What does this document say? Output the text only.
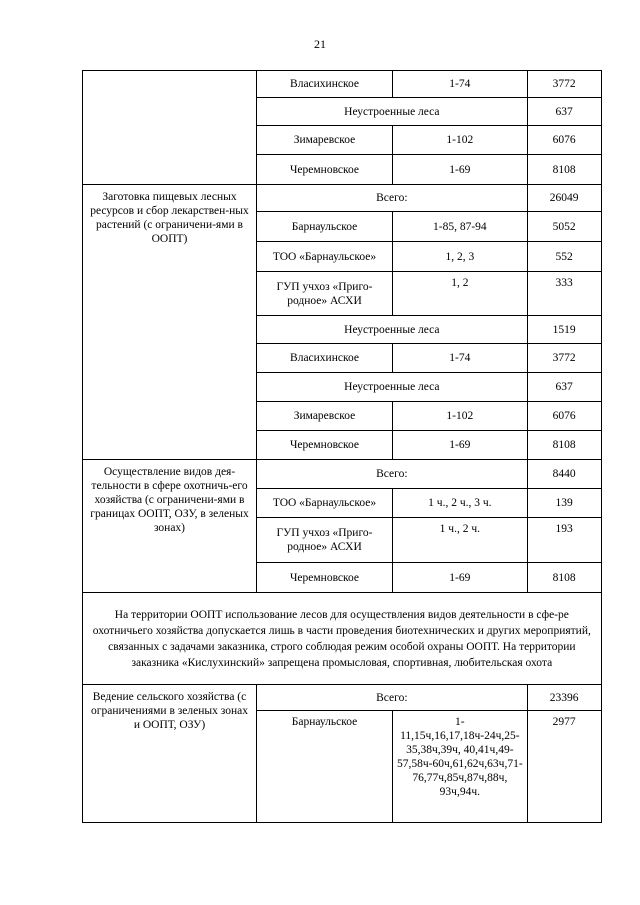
21
	Власихинское	1-74	3772
	Неустроенные леса		637
	Зимаревское	1-102	6076
	Черемновское	1-69	8108
Заготовка пищевых лесных ресурсов и сбор лекарствен-ных растений (с ограничени-ями в ООПТ)	Всего:		26049
	Барнаульское	1-85, 87-94	5052
	ТОО «Барнаульское»	1, 2, 3	552
	ГУП учхоз «Приго-родное» АСХИ	1, 2	333
	Неустроенные леса		1519
	Власихинское	1-74	3772
	Неустроенные леса		637
	Зимаревское	1-102	6076
	Черемновское	1-69	8108
Осуществление видов дея-тельности в сфере охотничь-его хозяйства (с ограничени-ями в границах ООПТ, ОЗУ, в зеленых зонах)	Всего:		8440
	ТОО «Барнаульское»	1 ч., 2 ч., 3 ч.	139
	ГУП учхоз «Приго-родное» АСХИ	1 ч., 2 ч.	193
	Черемновское	1-69	8108
На территории ООПТ использование лесов для осуществления видов деятельности в сфе-ре охотничьего хозяйства допускается лишь в части проведения биотехнических и других мероприятий, связанных с задачами заказника, строго соблюдая режим особой охраны ООПТ. На территории заказника «Кислухинский» запрещена промысловая, спортивная, любительская охота			
Ведение сельского хозяйства (с ограничениями в зеленых зонах и ООПТ, ОЗУ)	Всего:		23396
	Барнаульское	1-11,15ч,16,17,18ч-24ч,25-35,38ч,39ч, 40,41ч,49-57,58ч-60ч,61,62ч,63ч,71-76,77ч,85ч,87ч,88ч, 93ч,94ч.	2977
